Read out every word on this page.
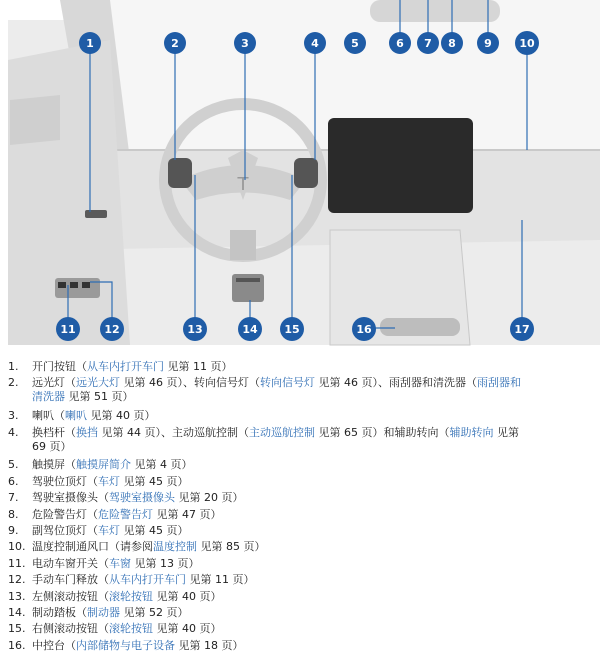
T
1	2	3	4	5	6 7 8	9	10
11	12	13	14 15	16	17
1.	开门按钮（从车内打开车门 见第 11 页）
2.	远光灯（远光大灯 见第 46 页）、转向信号灯（转向信号灯 见第 46 页）、雨刮器和清洗器（雨刮器和
清洗器 见第 51 页）
3.	喇叭（喇叭 见第 40 页）
4.	换档杆（换挡 见第 44 页）、主动巡航控制（主动巡航控制 见第 65 页）和辅助转向（辅助转向 见第
69 页）
5.	触摸屏（触摸屏简介 见第 4 页）
6.	驾驶位顶灯（车灯 见第 45 页）
7.	驾驶室摄像头（驾驶室摄像头 见第 20 页）
8.	危险警告灯（危险警告灯 见第 47 页）
9.	副驾位顶灯（车灯 见第 45 页）
10. 温度控制通风口（请参阅温度控制 见第 85 页）
11. 电动车窗开关（车窗 见第 13 页）
12. 手动车门释放（从车内打开车门 见第 11 页）
13. 左侧滚动按钮（滚轮按钮 见第 40 页）
14. 制动踏板（制动器 见第 52 页）
15. 右侧滚动按钮（滚轮按钮 见第 40 页）
16. 中控台（内部储物与电子设备 见第 18 页）
